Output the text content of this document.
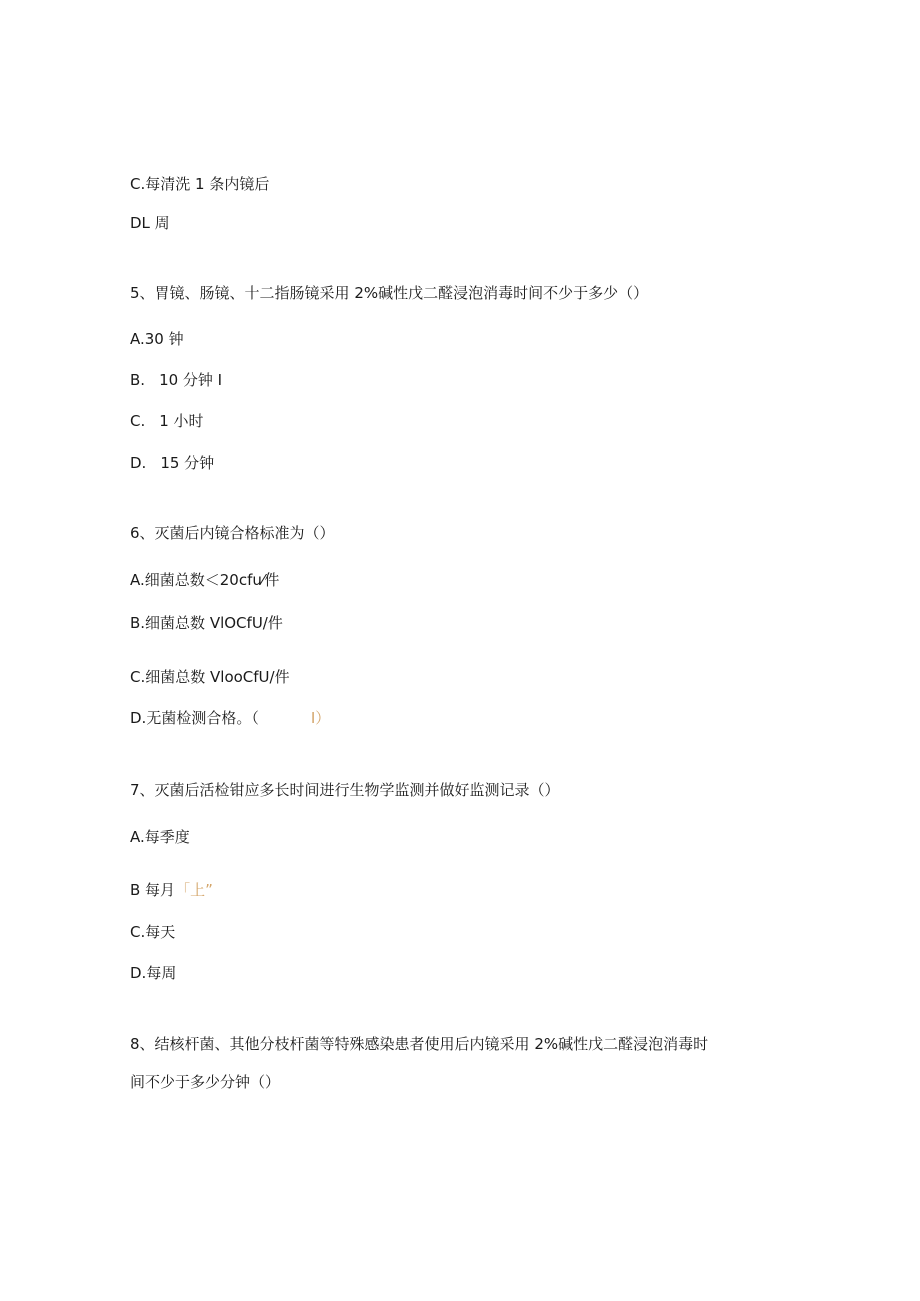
C.每清洗 1 条内镜后
DL 周
5、胃镜、肠镜、十二指肠镜采用 2%碱性戊二醛浸泡消毒时间不少于多少（）
A.30 钟
B. 10 分钟 I
C. 1 小时
D. 15 分钟
6、灭菌后内镜合格标准为（）
A.细菌总数＜20cfu⁄件
B.细菌总数 VlOCfU/件
C.细菌总数 VlooCfU/件
D.无菌检测合格。（	I）
7、灭菌后活检钳应多长时间进行生物学监测并做好监测记录（）
A.每季度
B 每月「上”
C.每天
D.每周
8、结核杆菌、其他分枝杆菌等特殊感染患者使用后内镜采用 2%碱性戊二醛浸泡消毒时
间不少于多少分钟（）
